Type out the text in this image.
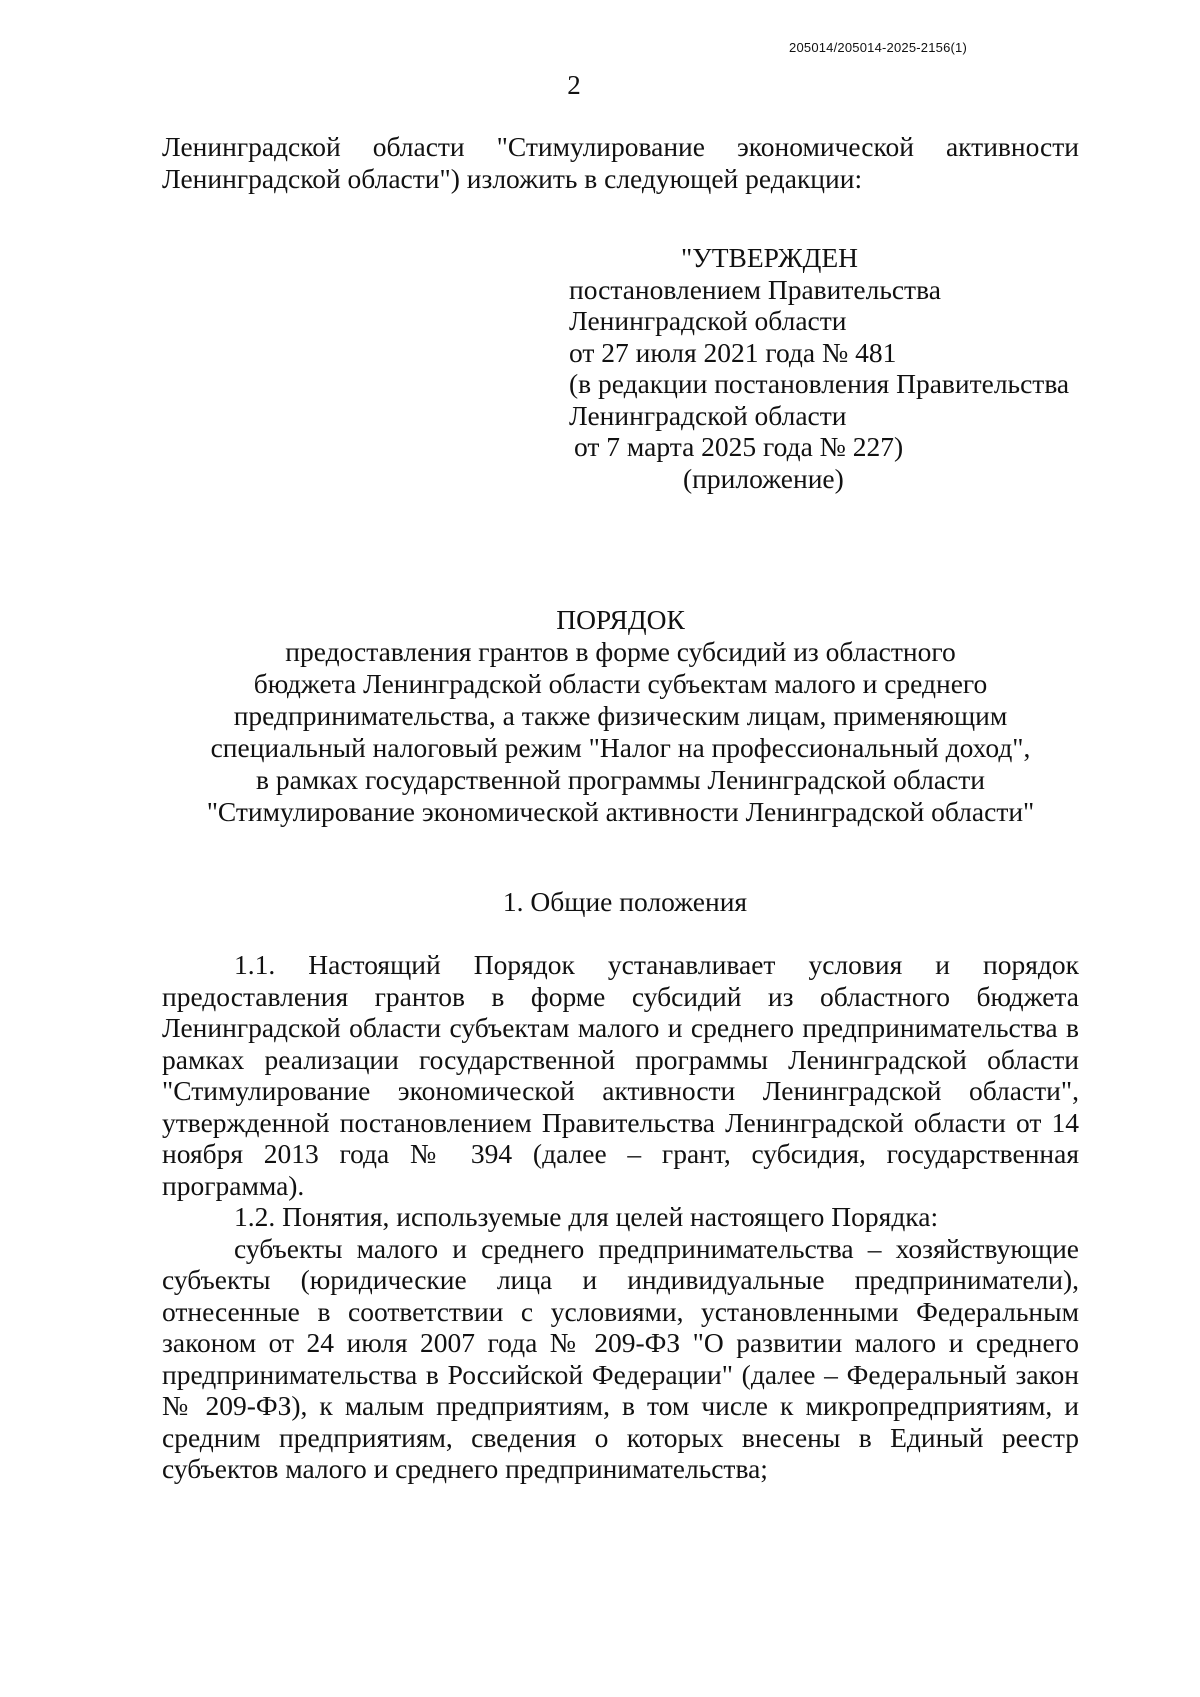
205014/205014-2025-2156(1)
2
Ленинградской области "Стимулирование экономической активности Ленинградской области") изложить в следующей редакции:
"УТВЕРЖДЕН
постановлением Правительства
Ленинградской области
от 27 июля 2021 года № 481
(в редакции постановления Правительства
Ленинградской области
от 7 марта 2025 года № 227)
(приложение)
ПОРЯДОК
предоставления грантов в форме субсидий из областного
бюджета Ленинградской области субъектам малого и среднего
предпринимательства, а также физическим лицам, применяющим
специальный налоговый режим "Налог на профессиональный доход",
в рамках государственной программы Ленинградской области
"Стимулирование экономической активности Ленинградской области"
1. Общие положения

1.1. Настоящий Порядок устанавливает условия и порядок предоставления грантов в форме субсидий из областного бюджета Ленинградской области субъектам малого и среднего предпринимательства в рамках реализации государственной программы Ленинградской области "Стимулирование экономической активности Ленинградской области", утвержденной постановлением Правительства Ленинградской области от 14 ноября 2013 года № 394 (далее – грант, субсидия, государственная программа).

1.2. Понятия, используемые для целей настоящего Порядка:

субъекты малого и среднего предпринимательства – хозяйствующие субъекты (юридические лица и индивидуальные предприниматели), отнесенные в соответствии с условиями, установленными Федеральным законом от 24 июля 2007 года № 209-ФЗ "О развитии малого и среднего предпринимательства в Российской Федерации" (далее – Федеральный закон № 209-ФЗ), к малым предприятиям, в том числе к микропредприятиям, и средним предприятиям, сведения о которых внесены в Единый реестр субъектов малого и среднего предпринимательства;
